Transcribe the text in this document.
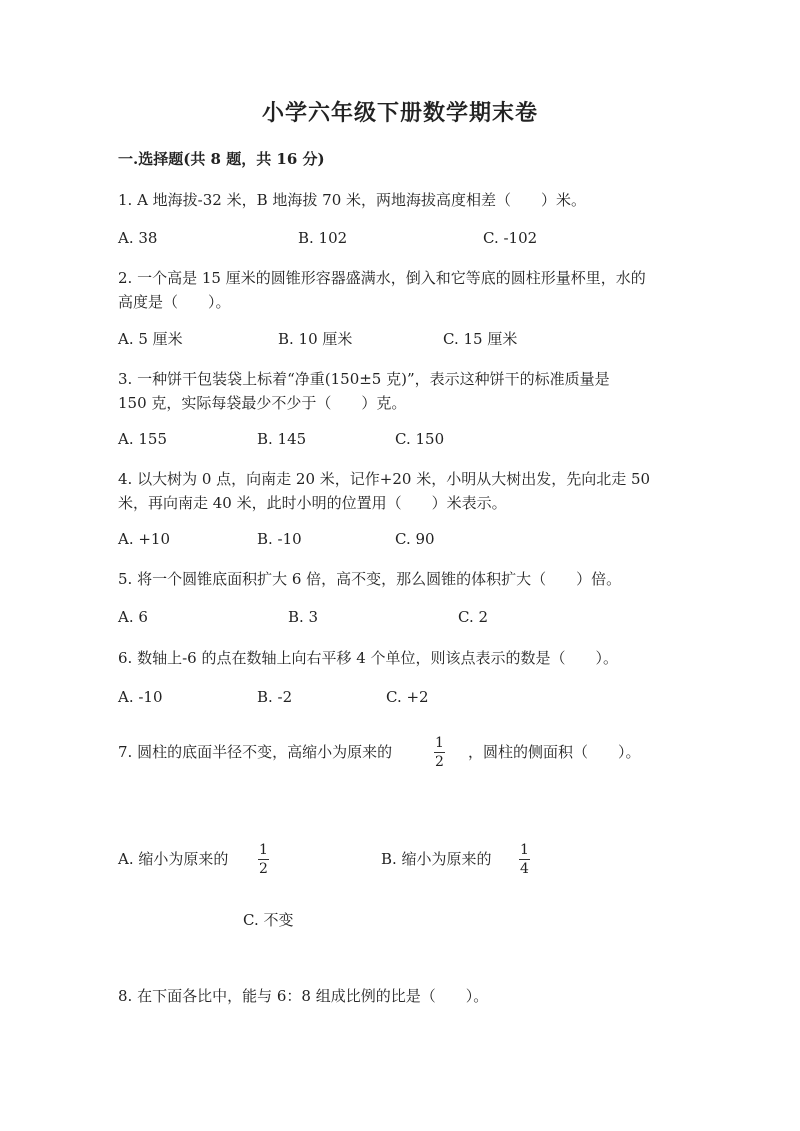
小学六年级下册数学期末卷
一.选择题(共 8 题，共 16 分)
1. A 地海拔-32 米，B 地海拔 70 米，两地海拔高度相差（　　）米。
A. 38	B. 102	C. -102
2. 一个高是 15 厘米的圆锥形容器盛满水，倒入和它等底的圆柱形量杯里，水的
高度是（　　）。
A. 5 厘米	B. 10 厘米	C. 15 厘米
3. 一种饼干包装袋上标着“净重(150±5 克)”，表示这种饼干的标准质量是
150 克，实际每袋最少不少于（　　）克。
A. 155	B. 145	C. 150
4. 以大树为 0 点，向南走 20 米，记作+20 米，小明从大树出发，先向北走 50
米，再向南走 40 米，此时小明的位置用（　　）米表示。
A. +10	B. -10	C. 90
5. 将一个圆锥底面积扩大 6 倍，高不变，那么圆锥的体积扩大（　　）倍。
A. 6	B. 3	C. 2
6. 数轴上-6 的点在数轴上向右平移 4 个单位，则该点表示的数是（　　）。
A. -10	B. -2	C. +2
7. 圆柱的底面半径不变，高缩小为原来的	1
2
，圆柱的侧面积（　　）。
A. 缩小为原来的 1
2
B. 缩小为原来的 1
4
C. 不变
8. 在下面各比中，能与 6：8 组成比例的比是（　　）。
